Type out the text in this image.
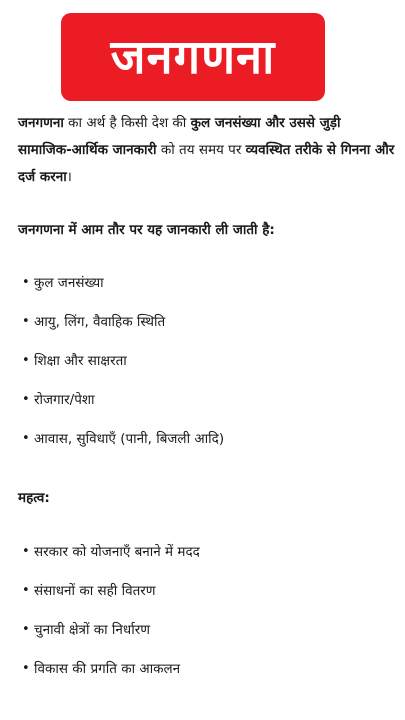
जनगणना

जनगणना का अर्थ है किसी देश की कुल जनसंख्या और उससे जुड़ी सामाजिक-आर्थिक जानकारी को तय समय पर व्यवस्थित तरीके से गिनना और दर्ज करना।

जनगणना में आम तौर पर यह जानकारी ली जाती है:
• कुल जनसंख्या
• आयु, लिंग, वैवाहिक स्थिति
• शिक्षा और साक्षरता
• रोजगार/पेशा
• आवास, सुविधाएँ (पानी, बिजली आदि)
महत्व:
• सरकार को योजनाएँ बनाने में मदद
• संसाधनों का सही वितरण
• चुनावी क्षेत्रों का निर्धारण
• विकास की प्रगति का आकलन
